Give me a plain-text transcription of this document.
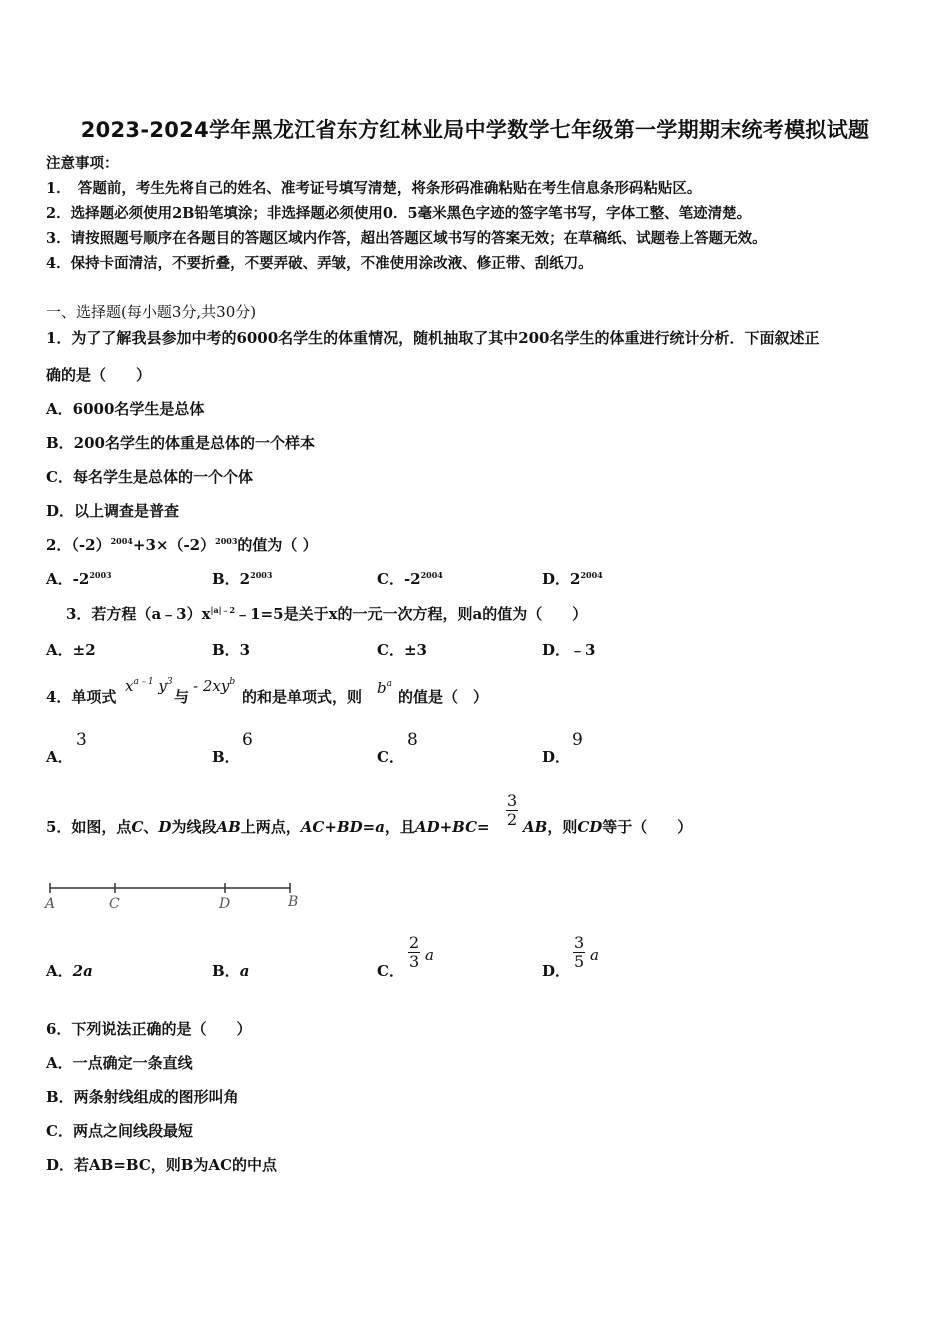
2023-2024学年黑龙江省东方红林业局中学数学七年级第一学期期末统考模拟试题
注意事项：
1．　答题前，考生先将自己的姓名、准考证号填写清楚，将条形码准确粘贴在考生信息条形码粘贴区。
2．选择题必须使用2B铅笔填涂；非选择题必须使用0．5毫米黑色字迹的签字笔书写，字体工整、笔迹清楚。
3．请按照题号顺序在各题目的答题区域内作答，超出答题区域书写的答案无效；在草稿纸、试题卷上答题无效。
4．保持卡面清洁，不要折叠，不要弄破、弄皱，不准使用涂改液、修正带、刮纸刀。
一、选择题(每小题3分,共30分)
1．为了了解我县参加中考的6000名学生的体重情况，随机抽取了其中200名学生的体重进行统计分析．下面叙述正
确的是（　　）
A．6000名学生是总体
B．200名学生的体重是总体的一个样本
C．每名学生是总体的一个个体
D．以上调查是普查
2．$(-2)^{2004}+3\times(-2)^{2003}$的值为（ ）
A．$-2^{2003}$	B．$2^{2003}$	C．$-2^{2004}$	D．$2^{2004}$
3．若方程$(a﹣3)x^{|a|﹣2}﹣1=5$是关于x的一元一次方程，则a的值为（　　）
A．±2	B．3	C．±3	D．﹣3
4．单项式
$x^{a﹣1}$ $y^3$
与
- $2xy^b$
的和是单项式，则 $b^a$
的值是（　）
A．
3
B．
6
C．
8
D．
9
5．如图，点C、D为线段AB上两点，AC+BD=a，且$AD+BC= \frac{3}{2}$ AB，则CD等于（　　）
A	C	D	B
A．2a	B．a	C． $\frac{2}{3}$ a
D． $\frac{3}{5}$ a
6．下列说法正确的是（　　）
A．一点确定一条直线
B．两条射线组成的图形叫角
C．两点之间线段最短
D．若AB=BC，则B为AC的中点
